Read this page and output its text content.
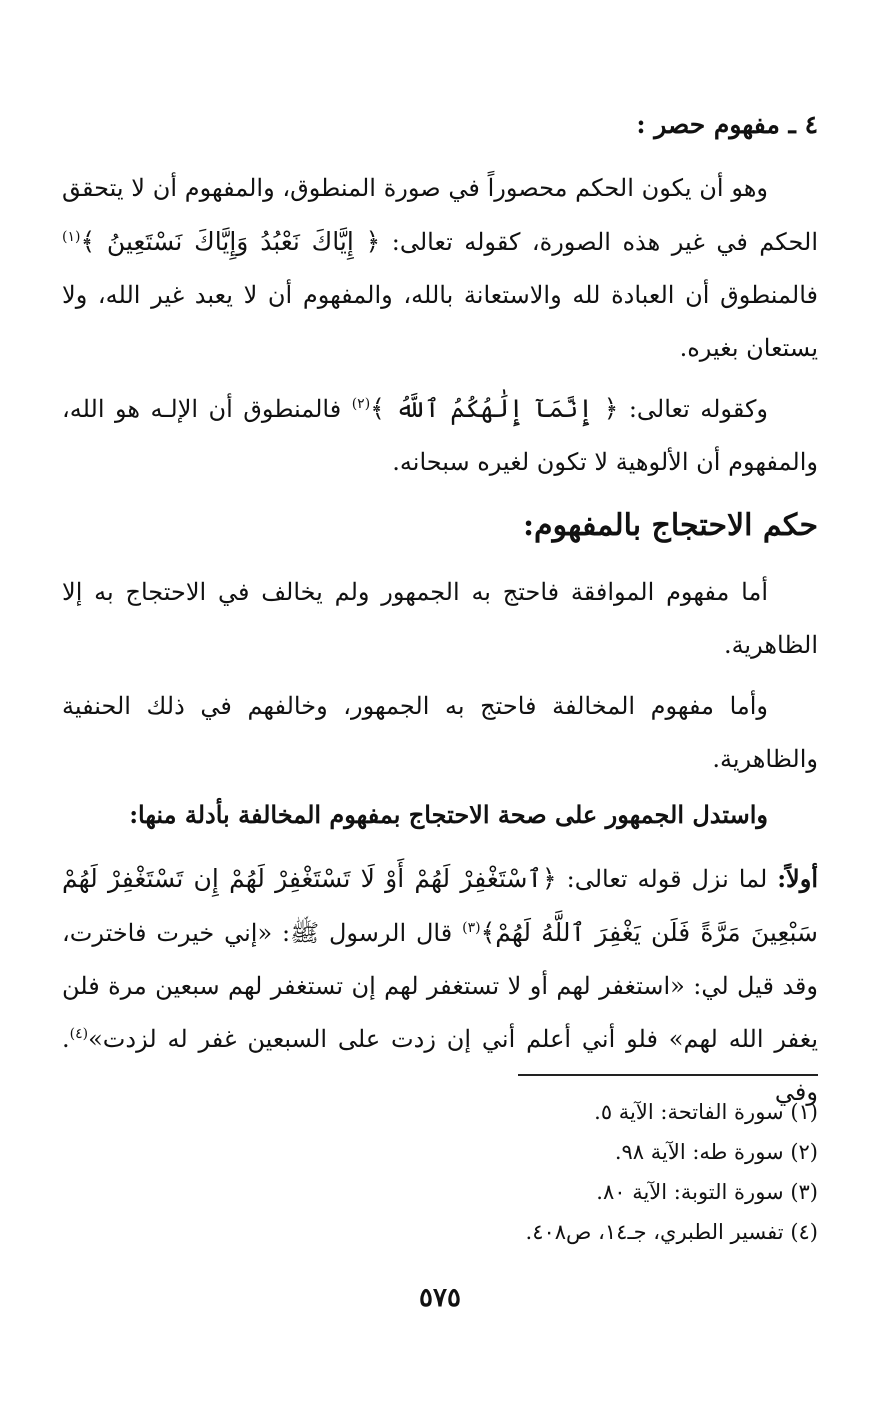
٤ ـ مفهوم حصر :

وهو أن يكون الحكم محصوراً في صورة المنطوق، والمفهوم أن لا يتحقق الحكم في غير هذه الصورة، كقوله تعالى: ﴿ إِيَّاكَ نَعْبُدُ وَإِيَّاكَ نَسْتَعِينُ ﴾$^{(١)}$ فالمنطوق أن العبادة لله والاستعانة بالله، والمفهوم أن لا يعبد غير الله، ولا يستعان بغيره.

وكقوله تعالى: ﴿ إِنَّمَآ إِلَٰهُكُمُ ٱللَّهُ ﴾$^{(٢)}$ فالمنطوق أن الإلـه هو الله، والمفهوم أن الألوهية لا تكون لغيره سبحانه.

حكم الاحتجاج بالمفهوم:

أما مفهوم الموافقة فاحتج به الجمهور ولم يخالف في الاحتجاج به إلا الظاهرية.

وأما مفهوم المخالفة فاحتج به الجمهور، وخالفهم في ذلك الحنفية والظاهرية.

واستدل الجمهور على صحة الاحتجاج بمفهوم المخالفة بأدلة منها:

أولاً: لما نزل قوله تعالى: ﴿ٱسْتَغْفِرْ لَهُمْ أَوْ لَا تَسْتَغْفِرْ لَهُمْ إِن تَسْتَغْفِرْ لَهُمْ سَبْعِينَ مَرَّةً فَلَن يَغْفِرَ ٱللَّهُ لَهُمْ﴾$^{(٣)}$ قال الرسول ﷺ: «إني خيرت فاخترت، وقد قيل لي: «استغفر لهم أو لا تستغفر لهم إن تستغفر لهم سبعين مرة فلن يغفر الله لهم» فلو أني أعلم أني إن زدت على السبعين غفر له لزدت»$^{(٤)}$. وفي

(١) سورة الفاتحة: الآية ٥.
(٢) سورة طه: الآية ٩٨.
(٣) سورة التوبة: الآية ٨٠.
(٤) تفسير الطبري، جـ١٤، ص٤٠٨.

٥٧٥
